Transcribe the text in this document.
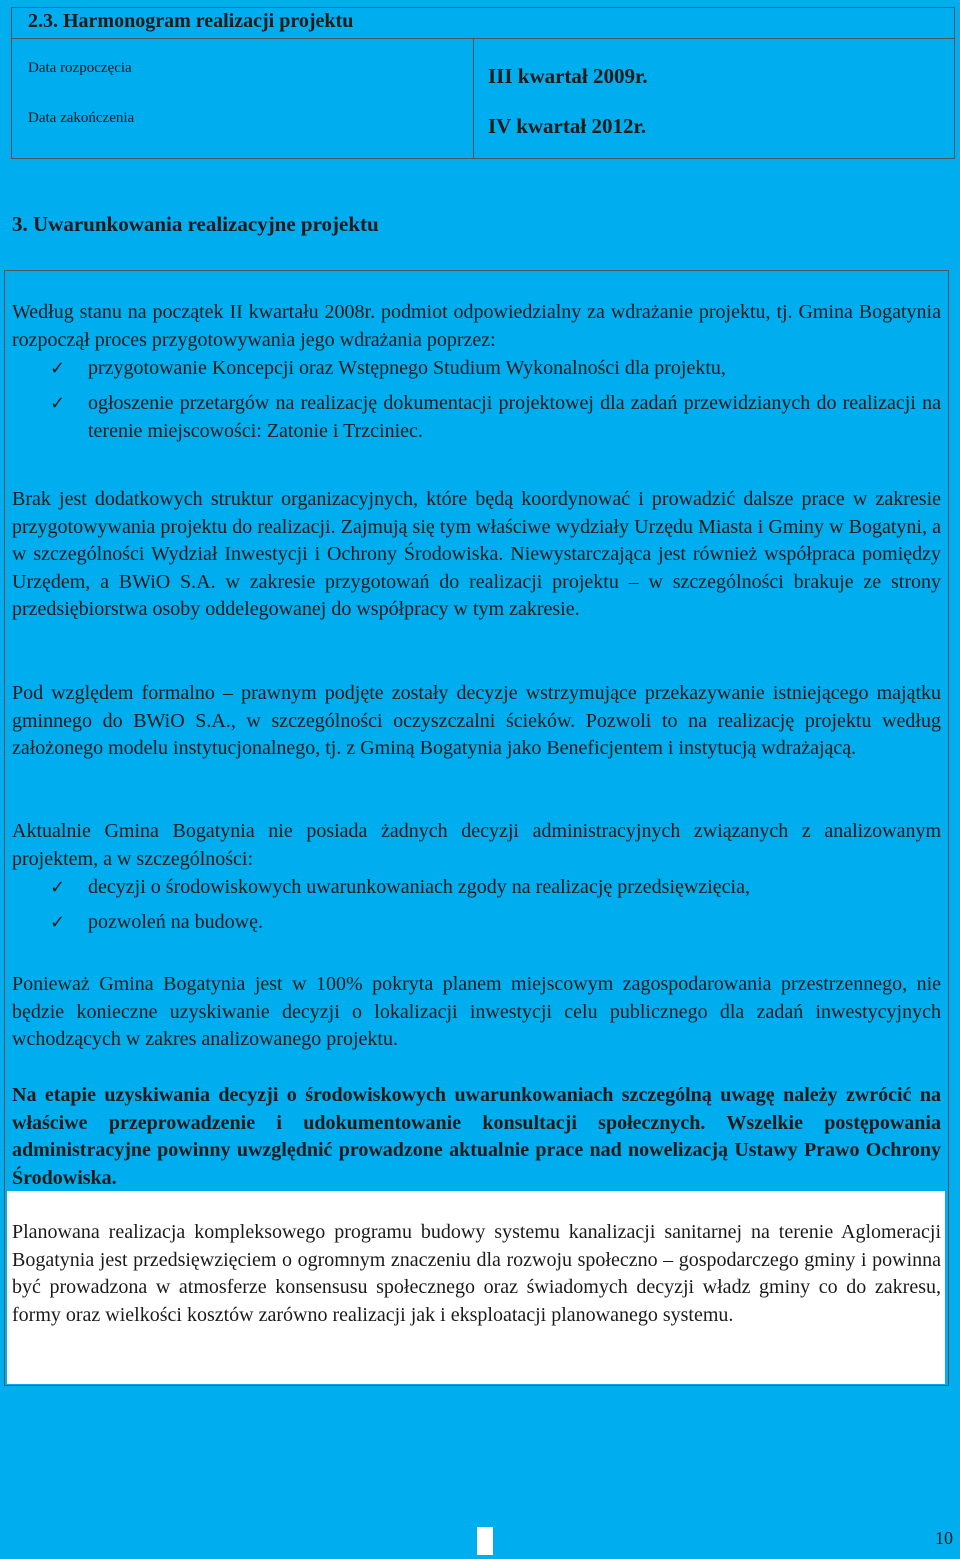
2.3. Harmonogram realizacji projektu
Data rozpoczęcia	III kwartał 2009r.
Data zakończenia	IV kwartał 2012r.
3. Uwarunkowania realizacyjne projektu
Według stanu na początek II kwartału 2008r. podmiot odpowiedzialny za wdrażanie projektu, tj. Gmina Bogatynia rozpoczął proces przygotowywania jego wdrażania poprzez:
✓	przygotowanie Koncepcji oraz Wstępnego Studium Wykonalności dla projektu,
✓	ogłoszenie przetargów na realizację dokumentacji projektowej dla zadań przewidzianych do realizacji na terenie miejscowości: Zatonie i Trzciniec.
Brak jest dodatkowych struktur organizacyjnych, które będą koordynować i prowadzić dalsze prace w zakresie przygotowywania projektu do realizacji. Zajmują się tym właściwe wydziały Urzędu Miasta i Gminy w Bogatyni, a w szczególności Wydział Inwestycji i Ochrony Środowiska. Niewystarczająca jest również współpraca pomiędzy Urzędem, a BWiO S.A. w zakresie przygotowań do realizacji projektu – w szczególności brakuje ze strony przedsiębiorstwa osoby oddelegowanej do współpracy w tym zakresie.
Pod względem formalno – prawnym podjęte zostały decyzje wstrzymujące przekazywanie istniejącego majątku gminnego do BWiO S.A., w szczególności oczyszczalni ścieków. Pozwoli to na realizację projektu według założonego modelu instytucjonalnego, tj. z Gminą Bogatynia jako Beneficjentem i instytucją wdrażającą.
Aktualnie Gmina Bogatynia nie posiada żadnych decyzji administracyjnych związanych z analizowanym projektem, a w szczególności:
✓	decyzji o środowiskowych uwarunkowaniach zgody na realizację przedsięwzięcia,
✓	pozwoleń na budowę.
Ponieważ Gmina Bogatynia jest w 100% pokryta planem miejscowym zagospodarowania przestrzennego, nie będzie konieczne uzyskiwanie decyzji o lokalizacji inwestycji celu publicznego dla zadań inwestycyjnych wchodzących w zakres analizowanego projektu.
Na etapie uzyskiwania decyzji o środowiskowych uwarunkowaniach szczególną uwagę należy zwrócić na właściwe przeprowadzenie i udokumentowanie konsultacji społecznych. Wszelkie postępowania administracyjne powinny uwzględnić prowadzone aktualnie prace nad nowelizacją Ustawy Prawo Ochrony Środowiska.
Planowana realizacja kompleksowego programu budowy systemu kanalizacji sanitarnej na terenie Aglomeracji Bogatynia jest przedsięwzięciem o ogromnym znaczeniu dla rozwoju społeczno – gospodarczego gminy i powinna być prowadzona w atmosferze konsensusu społecznego oraz świadomych decyzji władz gminy co do zakresu, formy oraz wielkości kosztów zarówno realizacji jak i eksploatacji planowanego systemu.
10
